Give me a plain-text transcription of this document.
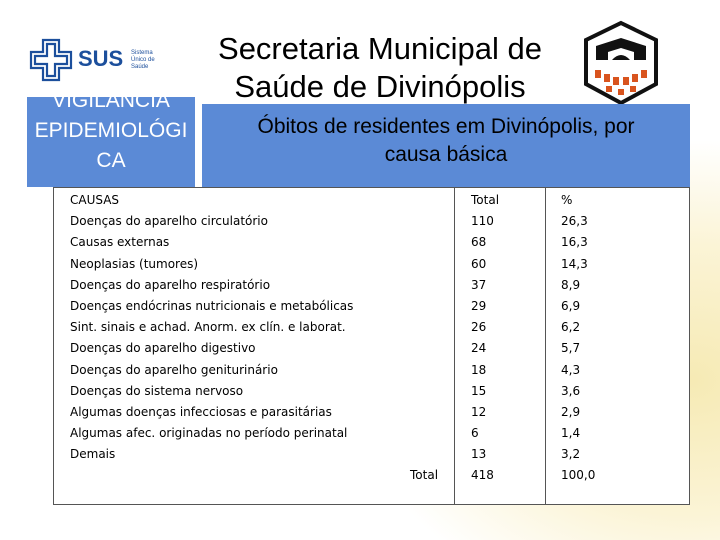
SUS Sistema
Único de
Saúde
Secretaria Municipal de
Saúde de Divinópolis
VIGILÂNCIA
EPIDEMIOLÓGI
CA
Óbitos de residentes em Divinópolis, por
causa básica
CAUSAS	Total	%
Doenças do aparelho circulatório	110	26,3
Causas externas	68	16,3
Neoplasias (tumores)	60	14,3
Doenças do aparelho respiratório	37	8,9
Doenças endócrinas nutricionais e metabólicas	29	6,9
Sint. sinais e achad. Anorm. ex clín. e laborat.	26	6,2
Doenças do aparelho digestivo	24	5,7
Doenças do aparelho geniturinário	18	4,3
Doenças do sistema nervoso	15	3,6
Algumas doenças infecciosas e parasitárias	12	2,9
Algumas afec. originadas no período perinatal	6	1,4
Demais	13	3,2
Total	418	100,0
